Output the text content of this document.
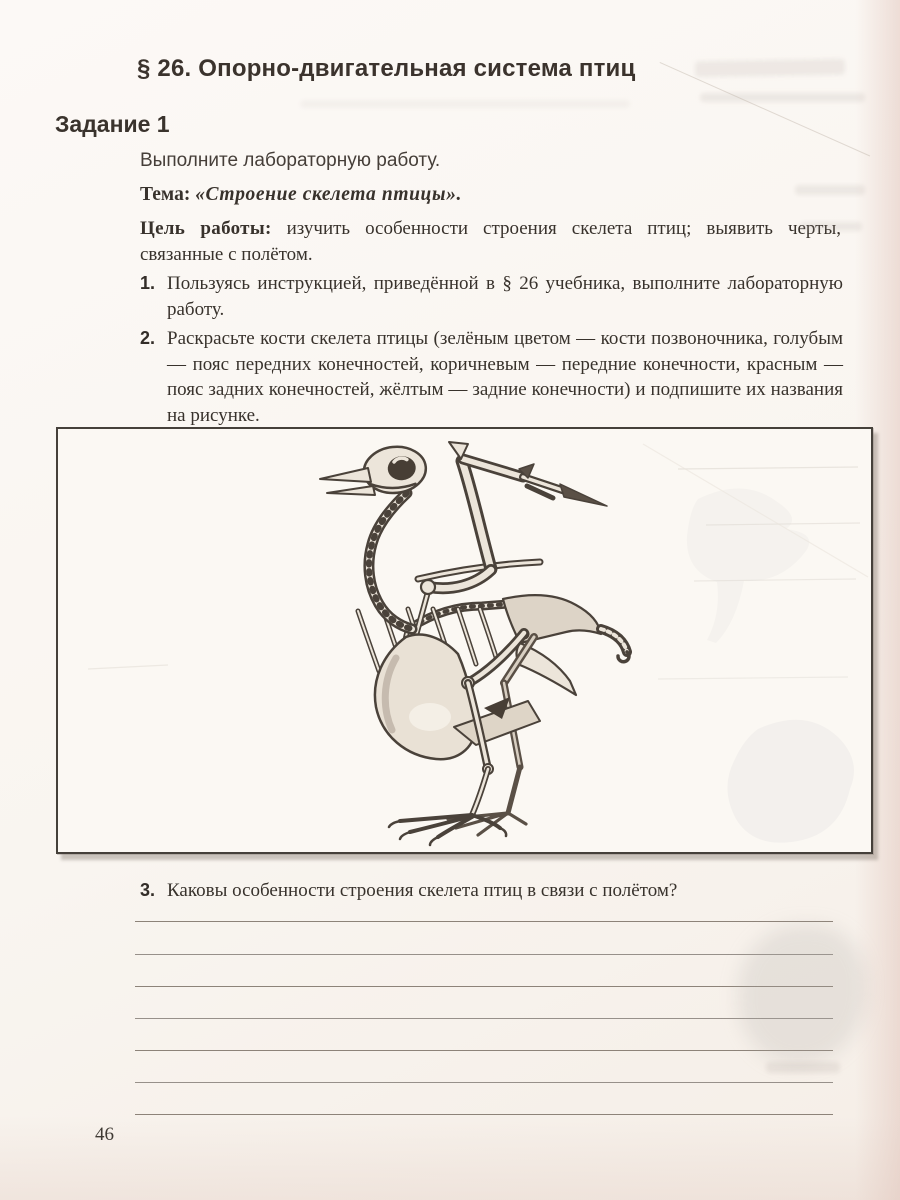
§ 26. Опорно-двигательная система птиц
Задание 1
Выполните лабораторную работу.
Тема: «Строение скелета птицы».
Цель работы: изучить особенности строения скелета птиц; выявить черты, связанные с полётом.
1. Пользуясь инструкцией, приведённой в § 26 учебника, выполните лабораторную работу.
2. Раскрасьте кости скелета птицы (зелёным цветом — кости позвоночника, голубым — пояс передних конечностей, коричневым — передние конечности, красным — пояс задних конечностей, жёлтым — задние конечности) и подпишите их названия на рисунке.
3. Каковы особенности строения скелета птиц в связи с полётом?
46
